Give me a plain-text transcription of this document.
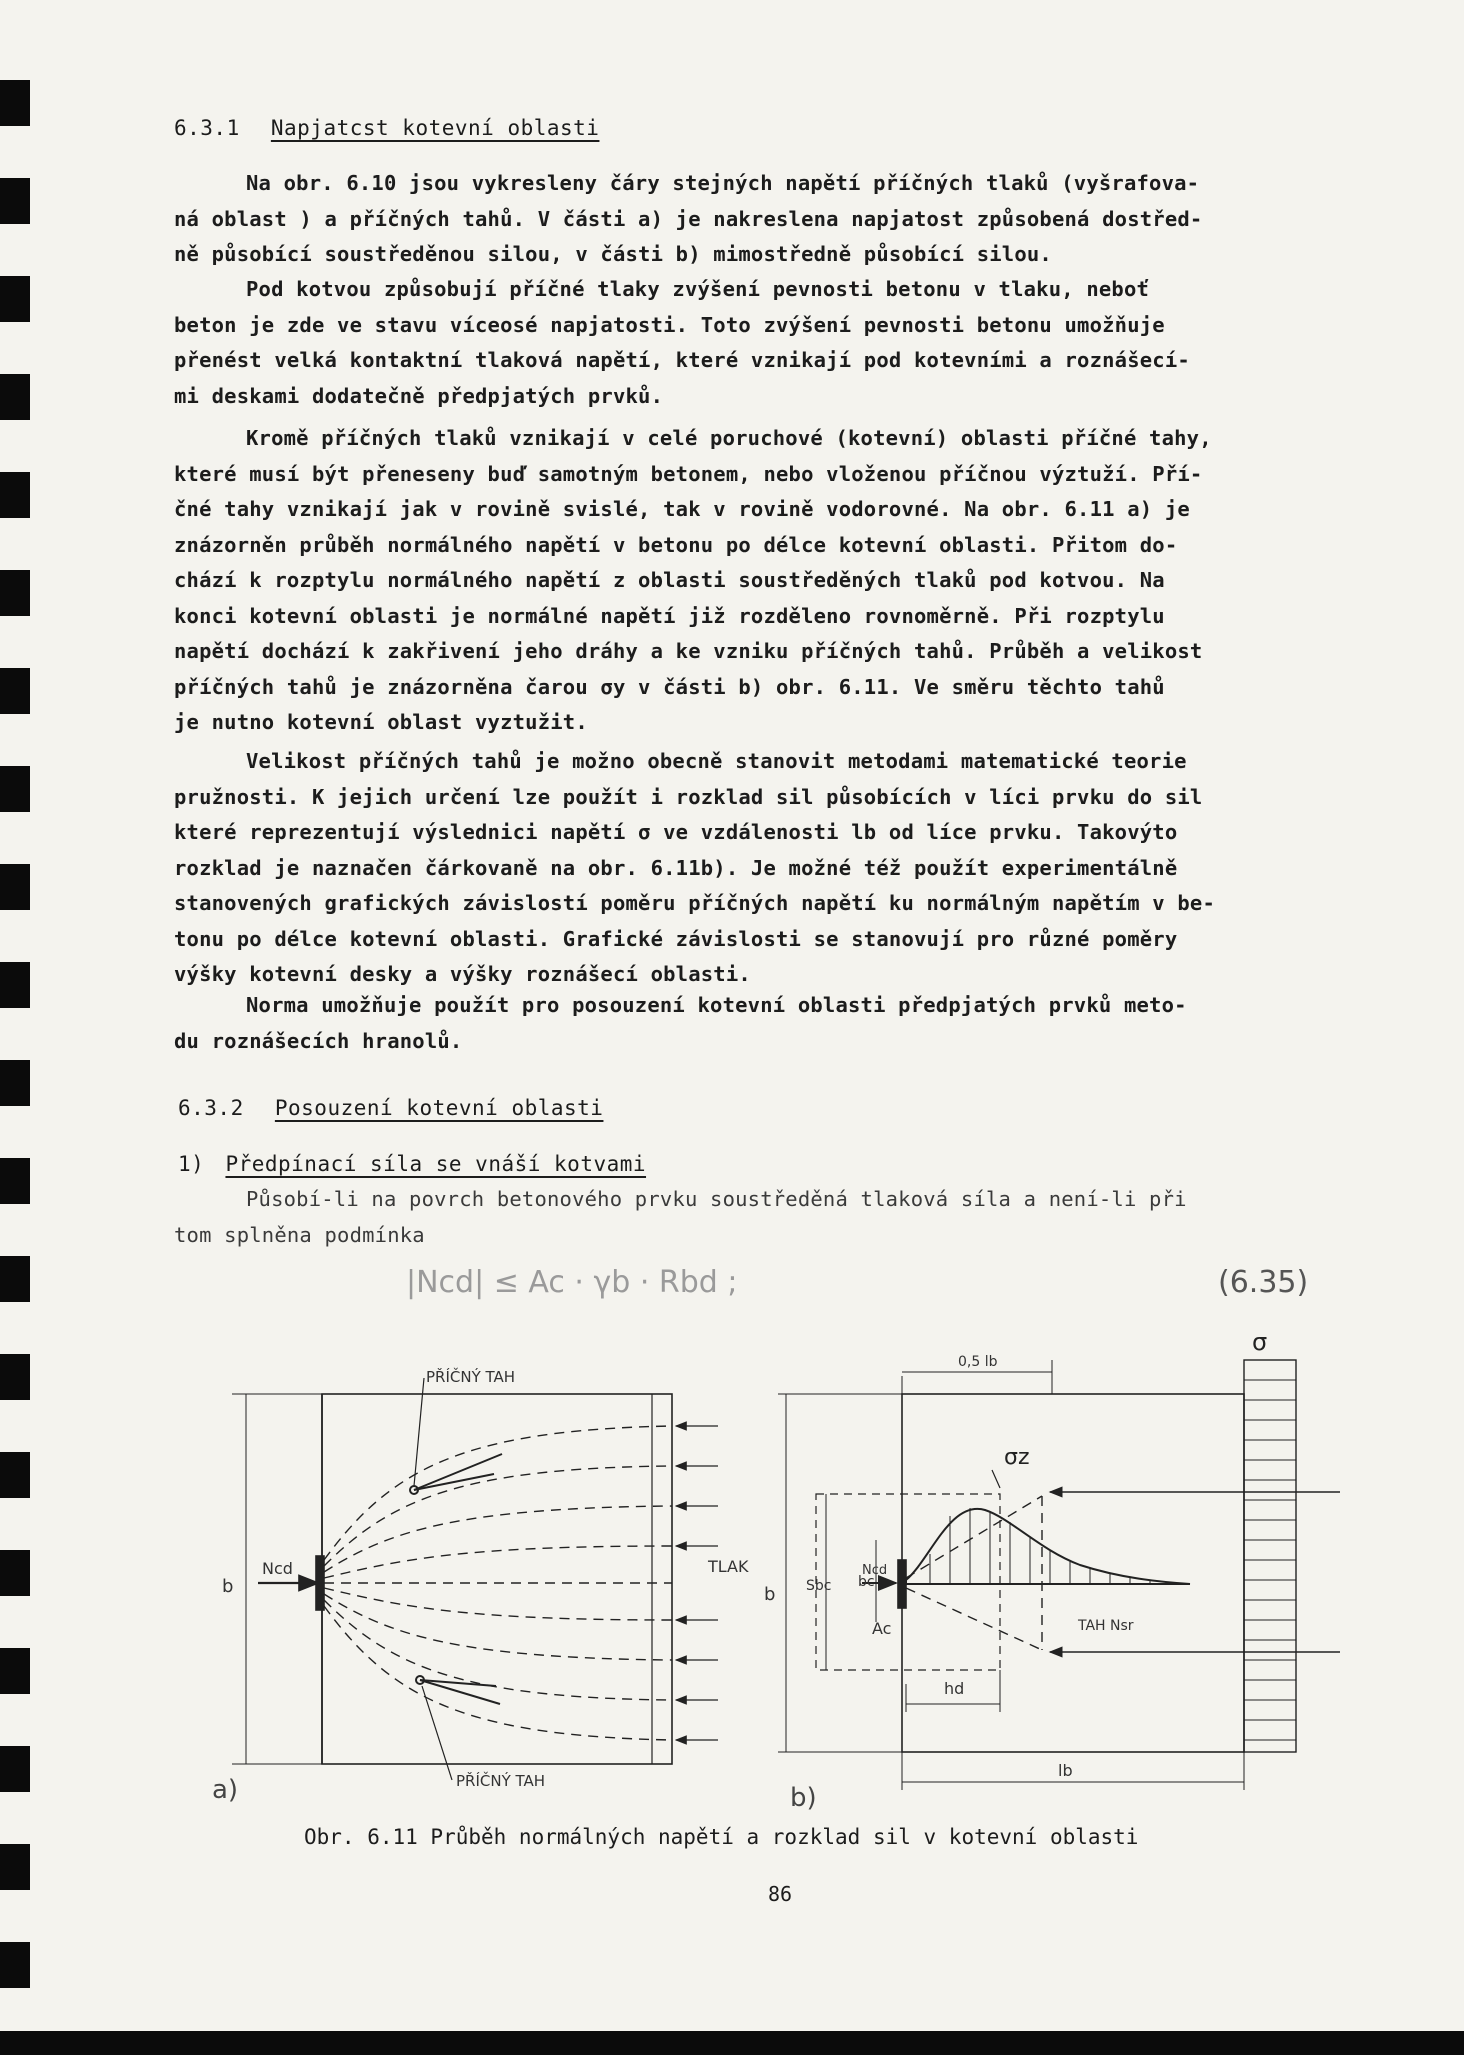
6.3.1 Napjatcst kotevní oblasti
Na obr. 6.10 jsou vykresleny čáry stejných napětí příčných tlaků (vyšrafova-
ná oblast ) a příčných tahů. V části a) je nakreslena napjatost způsobená dostřed-
ně působící soustředěnou silou, v části b) mimostředně působící silou.
Pod kotvou způsobují příčné tlaky zvýšení pevnosti betonu v tlaku, neboť
beton je zde ve stavu víceosé napjatosti. Toto zvýšení pevnosti betonu umožňuje
přenést velká kontaktní tlaková napětí, které vznikají pod kotevními a roznášecí-
mi deskami dodatečně předpjatých prvků.
Kromě příčných tlaků vznikají v celé poruchové (kotevní) oblasti příčné tahy,
které musí být přeneseny buď samotným betonem, nebo vloženou příčnou výztuží. Pří-
čné tahy vznikají jak v rovině svislé, tak v rovině vodorovné. Na obr. 6.11 a) je
znázorněn průběh normálného napětí v betonu po délce kotevní oblasti. Přitom do-
chází k rozptylu normálného napětí z oblasti soustředěných tlaků pod kotvou. Na
konci kotevní oblasti je normálné napětí již rozděleno rovnoměrně. Při rozptylu
napětí dochází k zakřivení jeho dráhy a ke vzniku příčných tahů. Průběh a velikost
příčných tahů je znázorněna čarou σy v části b) obr. 6.11. Ve směru těchto tahů
je nutno kotevní oblast vyztužit.
Velikost příčných tahů je možno obecně stanovit metodami matematické teorie
pružnosti. K jejich určení lze použít i rozklad sil působících v líci prvku do sil
které reprezentují výslednici napětí σ ve vzdálenosti lb od líce prvku. Takovýto
rozklad je naznačen čárkovaně na obr. 6.11b). Je možné též použít experimentálně
stanovených grafických závislostí poměru příčných napětí ku normálným napětím v be-
tonu po délce kotevní oblasti. Grafické závislosti se stanovují pro různé poměry
výšky kotevní desky a výšky roznášecí oblasti.
Norma umožňuje použít pro posouzení kotevní oblasti předpjatých prvků meto-
du roznášecích hranolů.
6.3.2 Posouzení kotevní oblasti
1) Předpínací síla se vnáší kotvami
Působí-li na povrch betonového prvku soustředěná tlaková síla a není-li při
tom splněna podmínka
|Ncd| ≤ Ac · γb · Rbd ;	(6.35)
PŘÍČNÝ TAH
PŘÍČNÝ TAH
TLAK
Ncd
b
a)
σ
σz
0,5 lb
lb
b Sbc bc
Ac
hd
TAH Nsr
Ncd
b)
Obr. 6.11 Průběh normálných napětí a rozklad sil v kotevní oblasti
86
